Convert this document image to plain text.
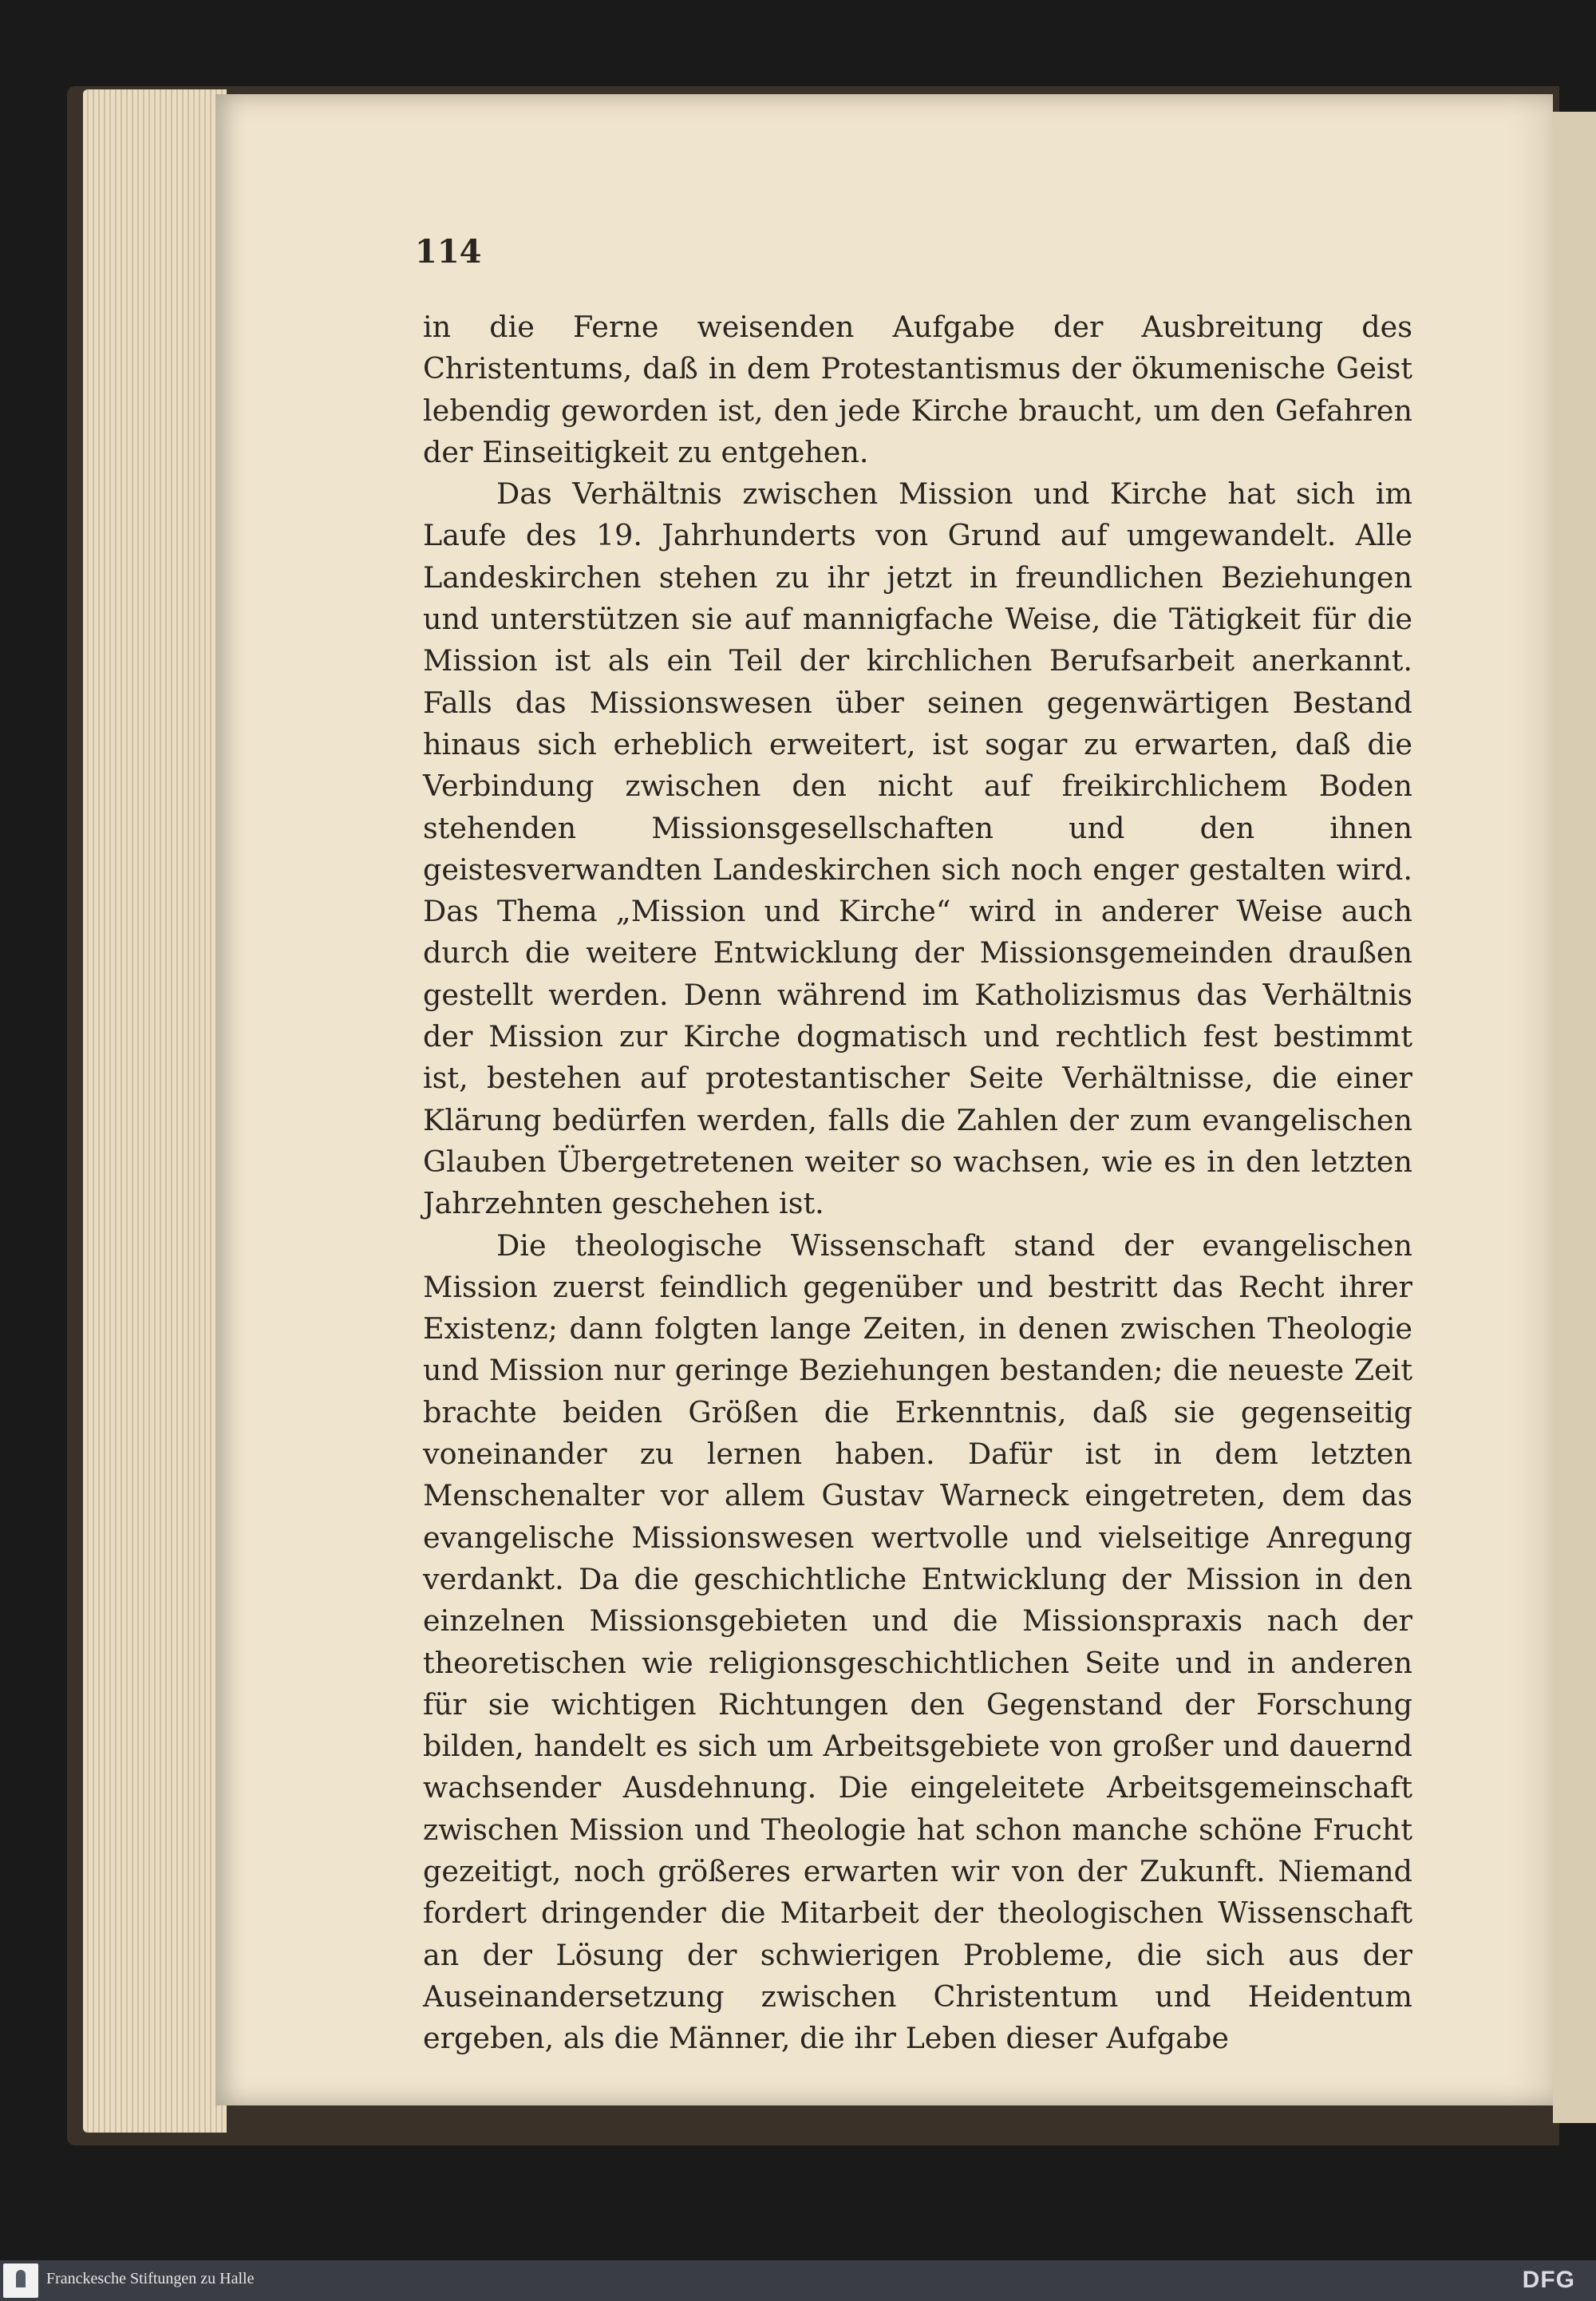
114

in die Ferne weisenden Aufgabe der Ausbreitung des Christentums, daß in dem Protestantismus der ökumenische Geist lebendig geworden ist, den jede Kirche braucht, um den Gefahren der Einseitigkeit zu entgehen.

Das Verhältnis zwischen Mission und Kirche hat sich im Laufe des 19. Jahrhunderts von Grund auf umgewandelt. Alle Landeskirchen stehen zu ihr jetzt in freundlichen Beziehungen und unterstützen sie auf mannigfache Weise, die Tätigkeit für die Mission ist als ein Teil der kirchlichen Berufsarbeit anerkannt. Falls das Missionswesen über seinen gegenwärtigen Bestand hinaus sich erheblich erweitert, ist sogar zu erwarten, daß die Verbindung zwischen den nicht auf freikirchlichem Boden stehenden Missionsgesellschaften und den ihnen geistesverwandten Landeskirchen sich noch enger gestalten wird. Das Thema „Mission und Kirche“ wird in anderer Weise auch durch die weitere Entwicklung der Missionsgemeinden draußen gestellt werden. Denn während im Katholizismus das Verhältnis der Mission zur Kirche dogmatisch und rechtlich fest bestimmt ist, bestehen auf protestantischer Seite Verhältnisse, die einer Klärung bedürfen werden, falls die Zahlen der zum evangelischen Glauben Übergetretenen weiter so wachsen, wie es in den letzten Jahrzehnten geschehen ist.

Die theologische Wissenschaft stand der evangelischen Mission zuerst feindlich gegenüber und bestritt das Recht ihrer Existenz; dann folgten lange Zeiten, in denen zwischen Theologie und Mission nur geringe Beziehungen bestanden; die neueste Zeit brachte beiden Größen die Erkenntnis, daß sie gegenseitig voneinander zu lernen haben. Dafür ist in dem letzten Menschenalter vor allem Gustav Warneck eingetreten, dem das evangelische Missionswesen wertvolle und vielseitige Anregung verdankt. Da die geschichtliche Entwicklung der Mission in den einzelnen Missionsgebieten und die Missionspraxis nach der theoretischen wie religionsgeschichtlichen Seite und in anderen für sie wichtigen Richtungen den Gegenstand der Forschung bilden, handelt es sich um Arbeitsgebiete von großer und dauernd wachsender Ausdehnung. Die eingeleitete Arbeitsgemeinschaft zwischen Mission und Theologie hat schon manche schöne Frucht gezeitigt, noch größeres erwarten wir von der Zukunft. Niemand fordert dringender die Mitarbeit der theologischen Wissenschaft an der Lösung der schwierigen Probleme, die sich aus der Auseinandersetzung zwischen Christentum und Heidentum ergeben, als die Männer, die ihr Leben dieser Aufgabe

Franckesche Stiftungen zu Halle	DFG
